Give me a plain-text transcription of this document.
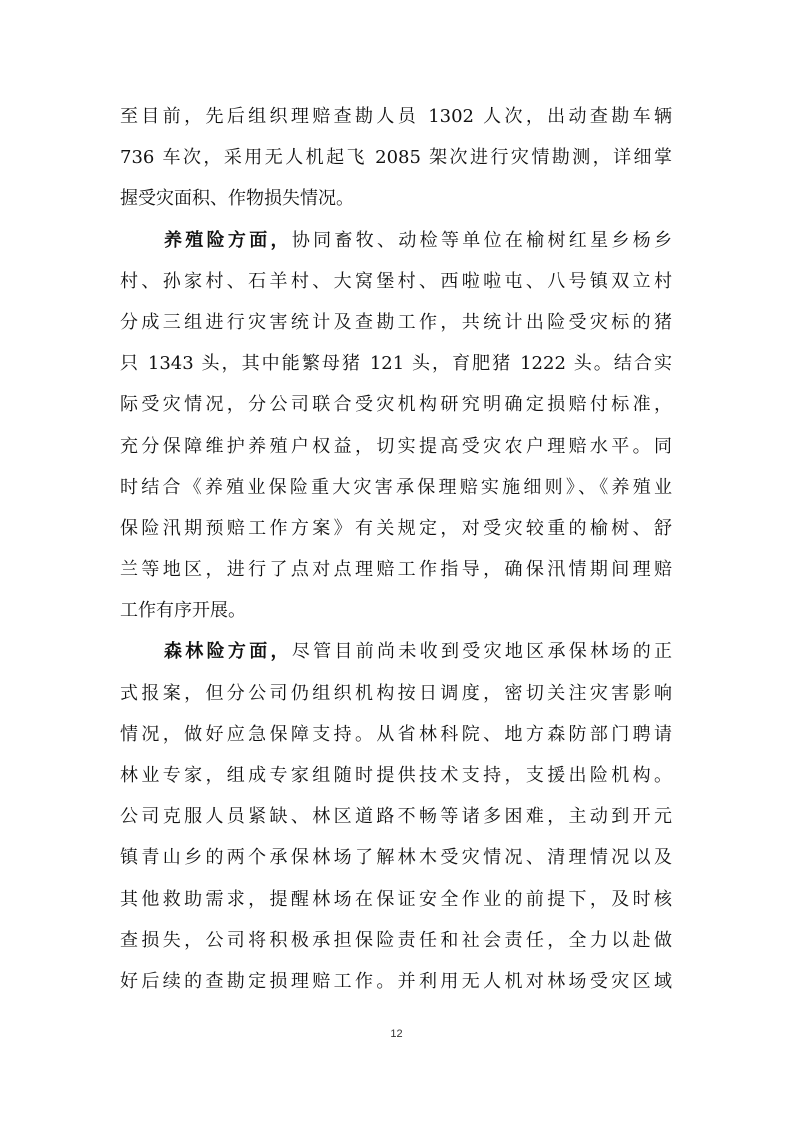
至目前，先后组织理赔查勘人员 1302 人次，出动查勘车辆
736 车次，采用无人机起飞 2085 架次进行灾情勘测，详细掌
握受灾面积、作物损失情况。
养殖险方面，协同畜牧、动检等单位在榆树红星乡杨乡
村、孙家村、石羊村、大窝堡村、西啦啦屯、八号镇双立村
分成三组进行灾害统计及查勘工作，共统计出险受灾标的猪
只 1343 头，其中能繁母猪 121 头，育肥猪 1222 头。结合实
际受灾情况，分公司联合受灾机构研究明确定损赔付标准，
充分保障维护养殖户权益，切实提高受灾农户理赔水平。同
时结合《养殖业保险重大灾害承保理赔实施细则》、《养殖业
保险汛期预赔工作方案》有关规定，对受灾较重的榆树、舒
兰等地区，进行了点对点理赔工作指导，确保汛情期间理赔
工作有序开展。
森林险方面，尽管目前尚未收到受灾地区承保林场的正
式报案，但分公司仍组织机构按日调度，密切关注灾害影响
情况，做好应急保障支持。从省林科院、地方森防部门聘请
林业专家，组成专家组随时提供技术支持，支援出险机构。
公司克服人员紧缺、林区道路不畅等诸多困难，主动到开元
镇青山乡的两个承保林场了解林木受灾情况、清理情况以及
其他救助需求，提醒林场在保证安全作业的前提下，及时核
查损失，公司将积极承担保险责任和社会责任，全力以赴做
好后续的查勘定损理赔工作。并利用无人机对林场受灾区域
12
